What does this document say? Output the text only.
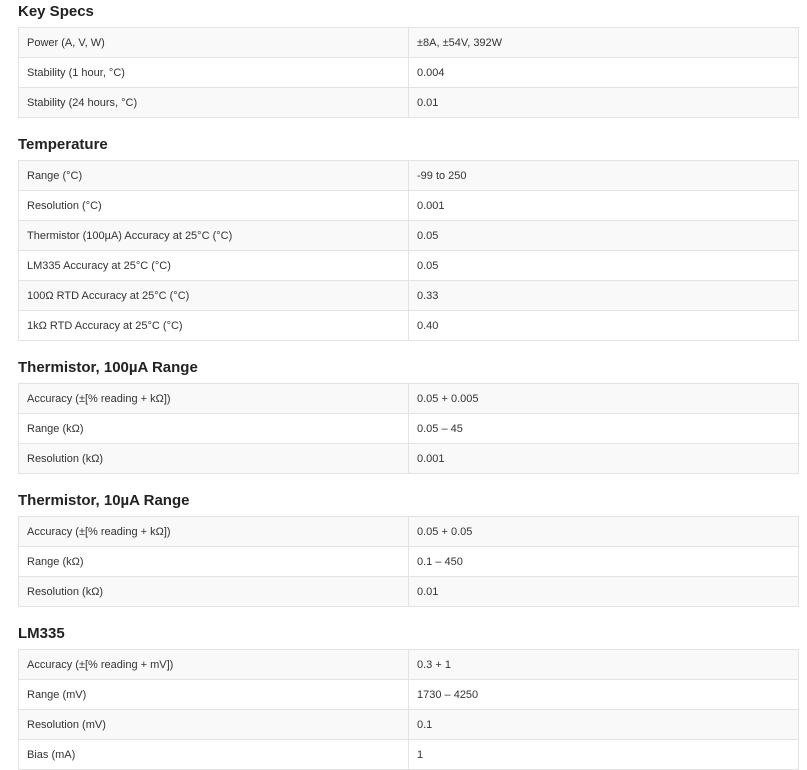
Key Specs
Power (A, V, W)	±8A, ±54V, 392W
Stability (1 hour, °C)	0.004
Stability (24 hours, °C)	0.01
Temperature
Range (°C)	-99 to 250
Resolution (°C)	0.001
Thermistor (100µA) Accuracy at 25°C (°C)	0.05
LM335 Accuracy at 25°C (°C)	0.05
100Ω RTD Accuracy at 25°C (°C)	0.33
1kΩ RTD Accuracy at 25°C (°C)	0.40
Thermistor, 100µA Range
Accuracy (±[% reading + kΩ])	0.05 + 0.005
Range (kΩ)	0.05 – 45
Resolution (kΩ)	0.001
Thermistor, 10µA Range
Accuracy (±[% reading + kΩ])	0.05 + 0.05
Range (kΩ)	0.1 – 450
Resolution (kΩ)	0.01
LM335
Accuracy (±[% reading + mV])	0.3 + 1
Range (mV)	1730 – 4250
Resolution (mV)	0.1
Bias (mA)	1
